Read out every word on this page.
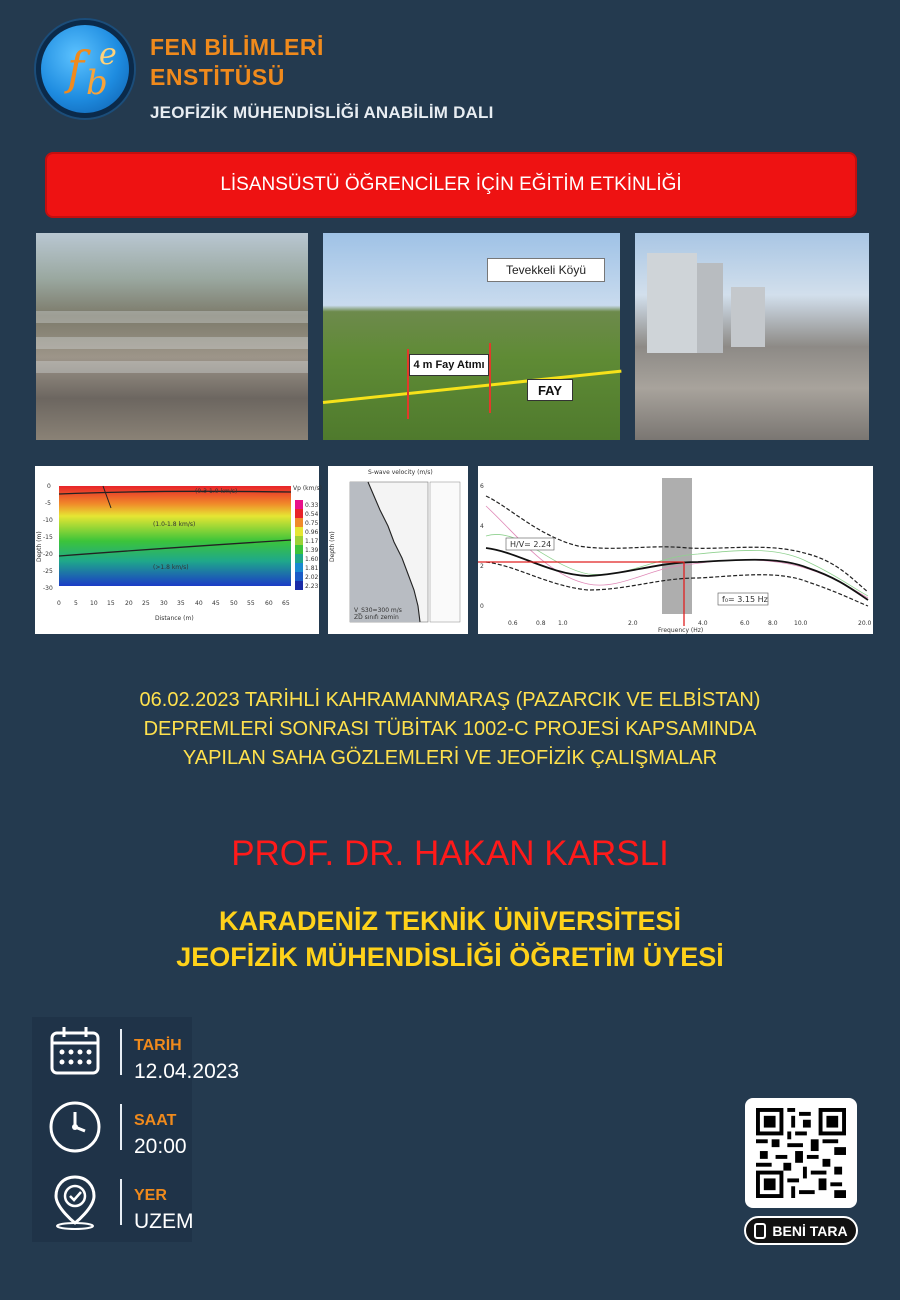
f b
e FEN BİLİMLERİ
ENSTİTÜSÜ
JEOFİZİK MÜHENDİSLİĞİ ANABİLİM DALI
LİSANSÜSTÜ ÖĞRENCİLER İÇİN EĞİTİM ETKİNLİĞİ
Tevekkeli Köyü
4 m Fay Atımı
FAY
(0.3-1.0 km/s)
(1.0-1.8 km/s)
(>1.8 km/s)
Vp (km/s)
0.33
0.54
0.75
0.96
1.17
1.39
1.60
1.81
2.02
2.23
0
-5
-10
-15
-20
-25
-30
0 5 10 15 20 25 30 35 40 45 50 55 60 65
Depth (m)
Distance (m)
S-wave velocity (m/s)
Depth (m)
V_S30=300 m/s
ZD sınıfı zemin
H/V= 2.24
f₀= 3.15 Hz
6
4
2
0
0.6	0.8 1.0	2.0	4.0	6.0	8.0	10.0	20.0
Frequency (Hz)
06.02.2023 TARİHLİ KAHRAMANMARAŞ (PAZARCIK VE ELBİSTAN)
DEPREMLERİ SONRASI TÜBİTAK 1002-C PROJESİ KAPSAMINDA
YAPILAN SAHA GÖZLEMLERİ VE JEOFİZİK ÇALIŞMALAR
PROF. DR. HAKAN KARSLI
KARADENİZ TEKNİK ÜNİVERSİTESİ
JEOFİZİK MÜHENDİSLİĞİ ÖĞRETİM ÜYESİ
TARİH
12.04.2023
SAAT
20:00
YER
UZEM	BENİ TARA
